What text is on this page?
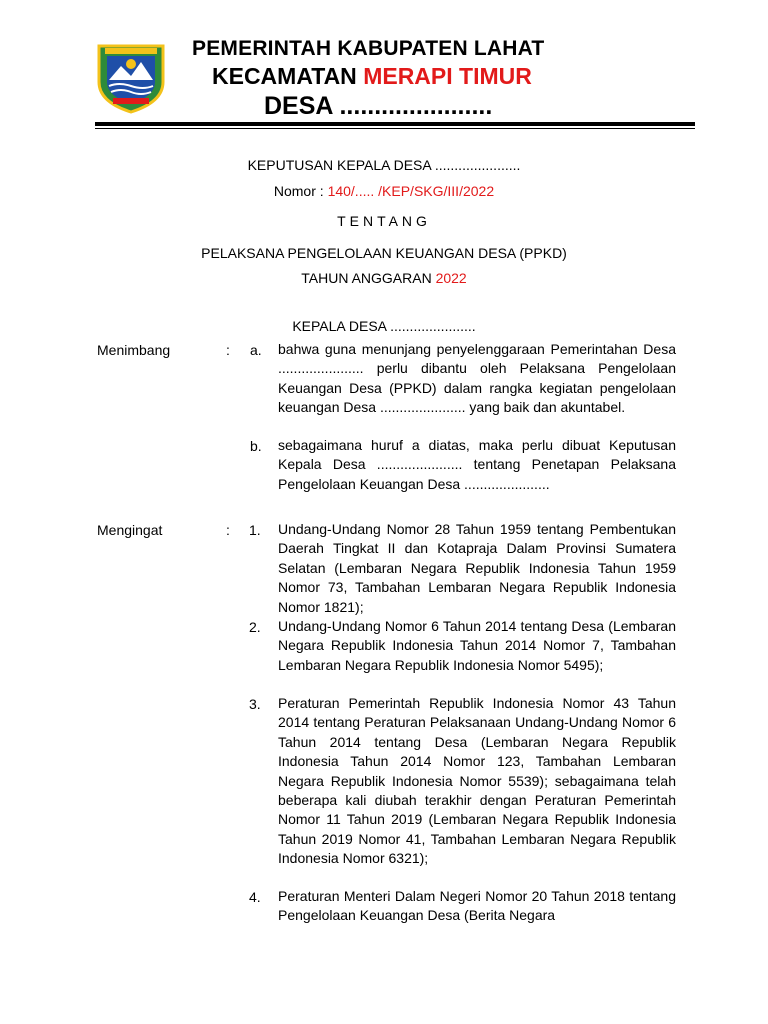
PEMERINTAH KABUPATEN LAHAT
KECAMATAN MERAPI TIMUR
DESA ......................
KEPUTUSAN KEPALA DESA ......................
Nomor : 140/..... /KEP/SKG/III/2022
TENTANG
PELAKSANA PENGELOLAAN KEUANGAN DESA (PPKD)
TAHUN ANGGARAN 2022
KEPALA DESA ......................
Menimbang	: a. bahwa guna menunjang penyelenggaraan Pemerintahan Desa ...................... perlu dibantu oleh Pelaksana Pengelolaan Keuangan Desa (PPKD) dalam rangka kegiatan pengelolaan keuangan Desa ...................... yang baik dan akuntabel.
b. sebagaimana huruf a diatas, maka perlu dibuat Keputusan Kepala Desa ...................... tentang Penetapan Pelaksana Pengelolaan Keuangan Desa ......................
Mengingat	: 1. Undang-Undang Nomor 28 Tahun 1959 tentang Pembentukan Daerah Tingkat II dan Kotapraja Dalam Provinsi Sumatera Selatan (Lembaran Negara Republik Indonesia Tahun 1959 Nomor 73, Tambahan Lembaran Negara Republik Indonesia Nomor 1821);
2. Undang-Undang Nomor 6 Tahun 2014 tentang Desa (Lembaran Negara Republik Indonesia Tahun 2014 Nomor 7, Tambahan Lembaran Negara Republik Indonesia Nomor 5495);
3. Peraturan Pemerintah Republik Indonesia Nomor 43 Tahun 2014 tentang Peraturan Pelaksanaan Undang-Undang Nomor 6 Tahun 2014 tentang Desa (Lembaran Negara Republik Indonesia Tahun 2014 Nomor 123, Tambahan Lembaran Negara Republik Indonesia Nomor 5539); sebagaimana telah beberapa kali diubah terakhir dengan Peraturan Pemerintah Nomor 11 Tahun 2019 (Lembaran Negara Republik Indonesia Tahun 2019 Nomor 41, Tambahan Lembaran Negara Republik Indonesia Nomor 6321);
4. Peraturan Menteri Dalam Negeri Nomor 20 Tahun 2018 tentang Pengelolaan Keuangan Desa (Berita Negara
